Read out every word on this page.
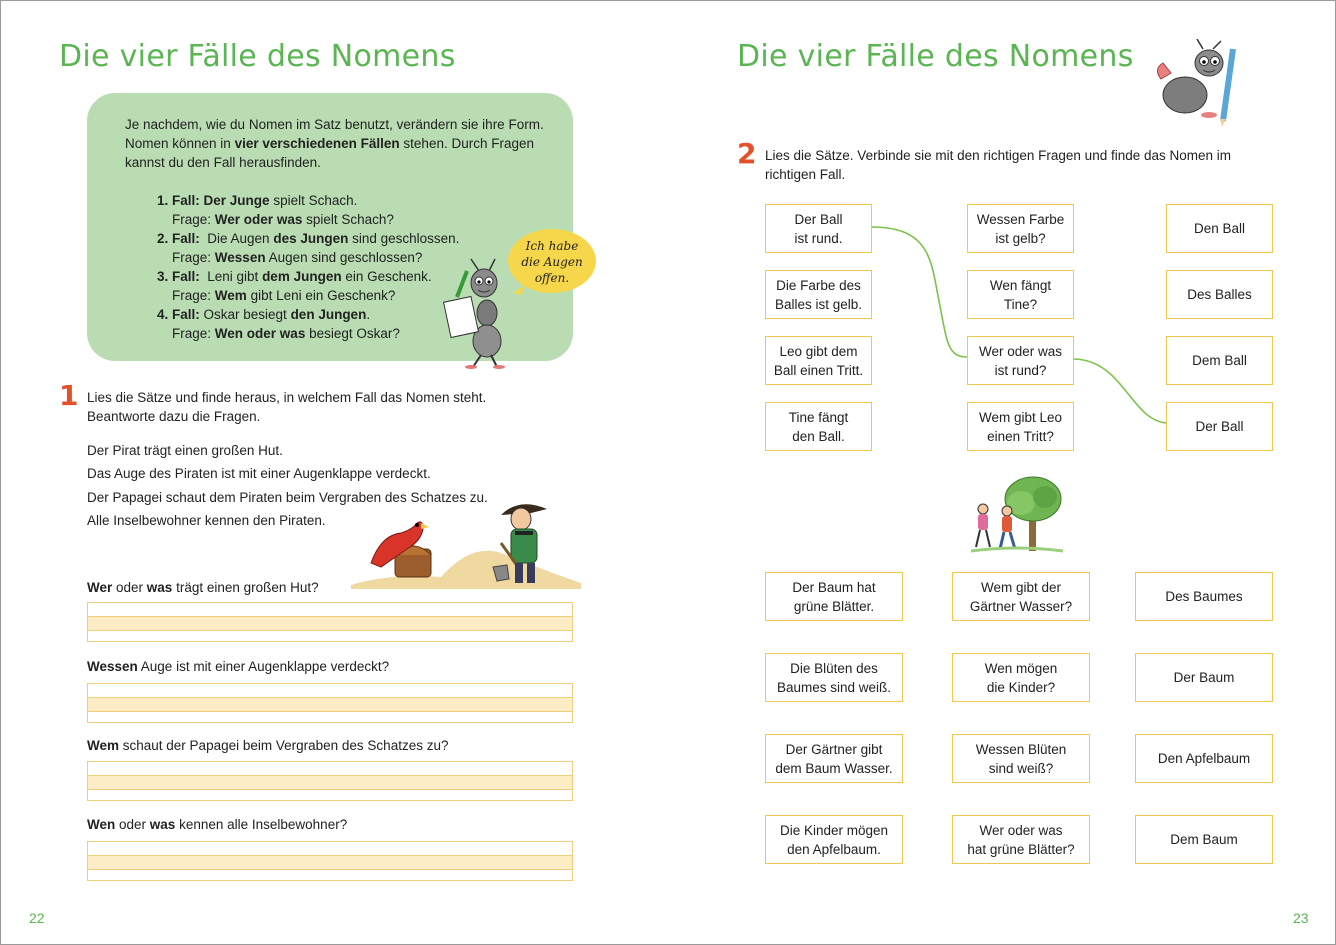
Die vier Fälle des Nomens

Je nachdem, wie du Nomen im Satz benutzt, verändern sie ihre Form. Nomen können in vier verschiedenen Fällen stehen. Durch Fragen kannst du den Fall herausfinden.

1. Fall: Der Junge spielt Schach.
Frage: Wer oder was spielt Schach?
2. Fall:  Die Augen des Jungen sind geschlossen.
Frage: Wessen Augen sind geschlossen?
3. Fall:  Leni gibt dem Jungen ein Geschenk.
Frage: Wem gibt Leni ein Geschenk?
4. Fall: Oskar besiegt den Jungen.
Frage: Wen oder was besiegt Oskar?
Ich habe
die Augen
offen.
1 Lies die Sätze und finde heraus, in welchem Fall das Nomen steht.
Beantworte dazu die Fragen.
Der Pirat trägt einen großen Hut.
Das Auge des Piraten ist mit einer Augenklappe verdeckt.
Der Papagei schaut dem Piraten beim Vergraben des Schatzes zu.
Alle Inselbewohner kennen den Piraten.
Wer oder was trägt einen großen Hut?
Wessen Auge ist mit einer Augenklappe verdeckt?
Wem schaut der Papagei beim Vergraben des Schatzes zu?
Wen oder was kennen alle Inselbewohner?
22
Die vier Fälle des Nomens
2 Lies die Sätze. Verbinde sie mit den richtigen Fragen und finde das Nomen im
richtigen Fall.
Der Ball
ist rund.
Die Farbe des
Balles ist gelb.
Leo gibt dem
Ball einen Tritt.
Tine fängt
den Ball.
Wessen Farbe
ist gelb?
Wen fängt
Tine?
Wer oder was
ist rund?
Wem gibt Leo
einen Tritt?
Den Ball
Des Balles
Dem Ball
Der Ball
Der Baum hat
grüne Blätter.
Die Blüten des
Baumes sind weiß.
Der Gärtner gibt
dem Baum Wasser.
Die Kinder mögen
den Apfelbaum.
Wem gibt der
Gärtner Wasser?
Wen mögen
die Kinder?
Wessen Blüten
sind weiß?
Wer oder was
hat grüne Blätter?
Des Baumes
Der Baum
Den Apfelbaum
Dem Baum
23
